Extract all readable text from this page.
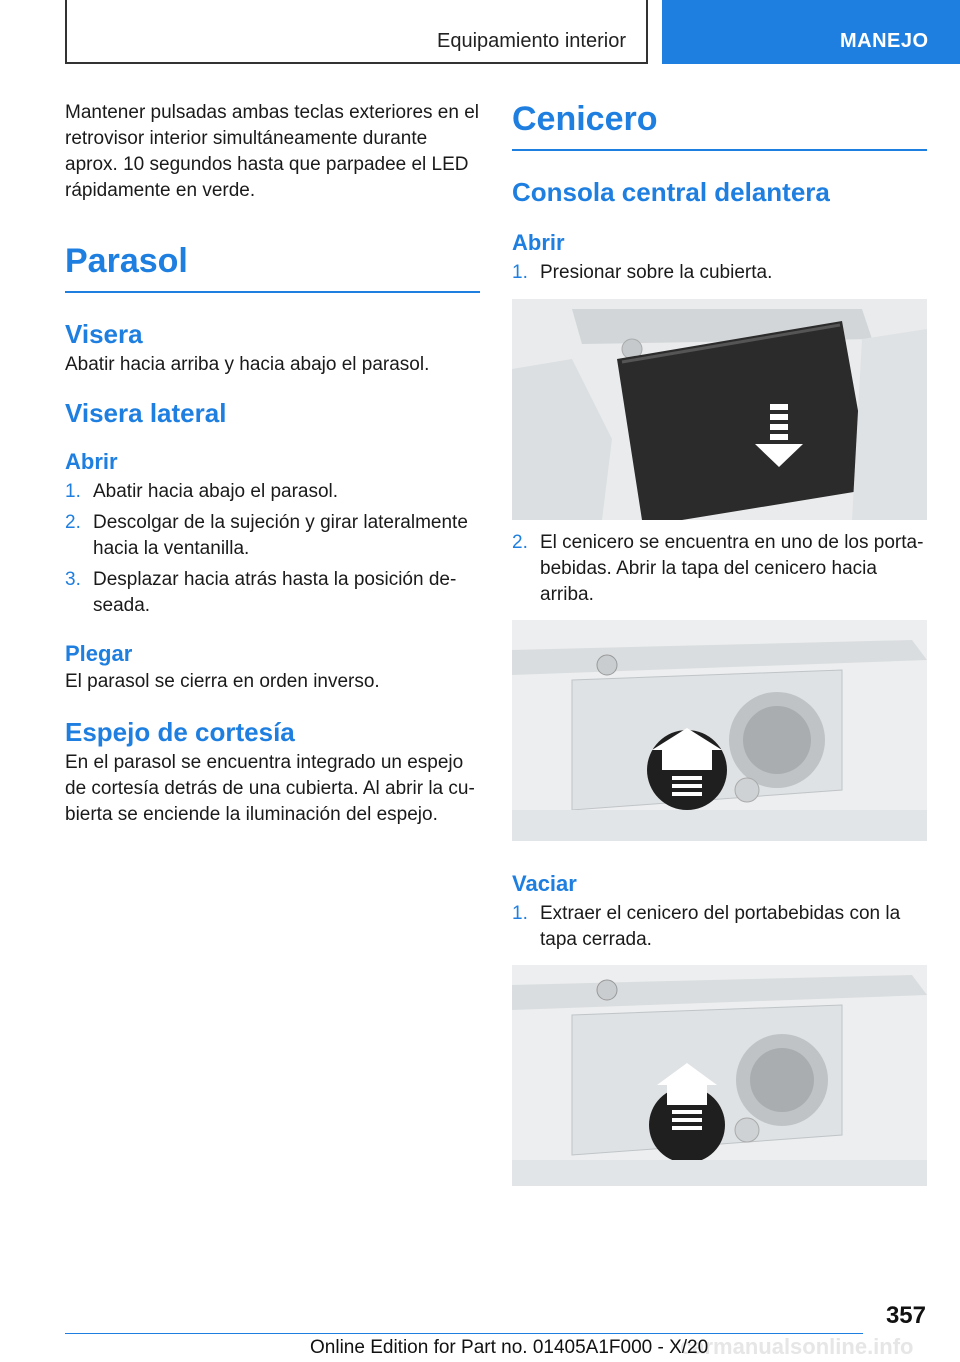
Equipamiento interior	MANEJO

Mantener pulsadas ambas teclas exteriores en el retrovisor interior simultáneamente durante aprox. 10 segundos hasta que parpadee el LED rápidamente en verde.

Parasol
Visera

Abatir hacia arriba y hacia abajo el parasol.

Visera lateral
Abrir
1. Abatir hacia abajo el parasol.
2. Descolgar de la sujeción y girar lateralmente hacia la ventanilla.
3. Desplazar hacia atrás hasta la posición de-seada.
Plegar

El parasol se cierra en orden inverso.

Espejo de cortesía

En el parasol se encuentra integrado un espejo de cortesía detrás de una cubierta. Al abrir la cu-bierta se enciende la iluminación del espejo.

Cenicero
Consola central delantera
Abrir
1. Presionar sobre la cubierta.
2. El cenicero se encuentra en uno de los porta-bebidas. Abrir la tapa del cenicero hacia arriba.
Vaciar
1. Extraer el cenicero del portabebidas con la tapa cerrada.
357
carmanualsonline.info
Online Edition for Part no. 01405A1F000 - X/20
